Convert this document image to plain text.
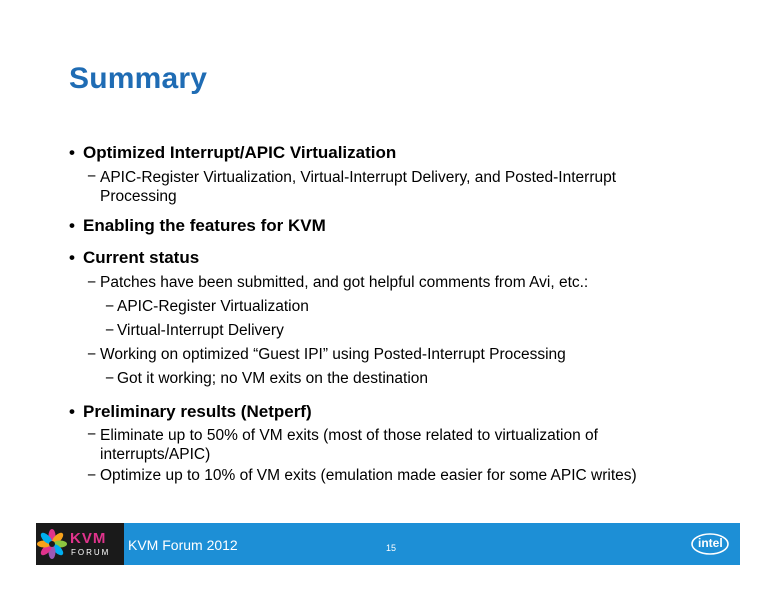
Summary
• Optimized Interrupt/APIC Virtualization
− APIC-Register Virtualization, Virtual-Interrupt Delivery, and Posted-Interrupt Processing
• Enabling the features for KVM
• Current status
− Patches have been submitted, and got helpful comments from Avi, etc.:
− APIC-Register Virtualization
− Virtual-Interrupt Delivery
− Working on optimized “Guest IPI” using Posted-Interrupt Processing
− Got it working; no VM exits on the destination
• Preliminary results (Netperf)
− Eliminate up to 50% of VM exits (most of those related to virtualization of interrupts/APIC)
− Optimize up to 10% of VM exits (emulation made easier for some APIC writes)
KVM
FORUM KVM Forum 2012	15	intel
